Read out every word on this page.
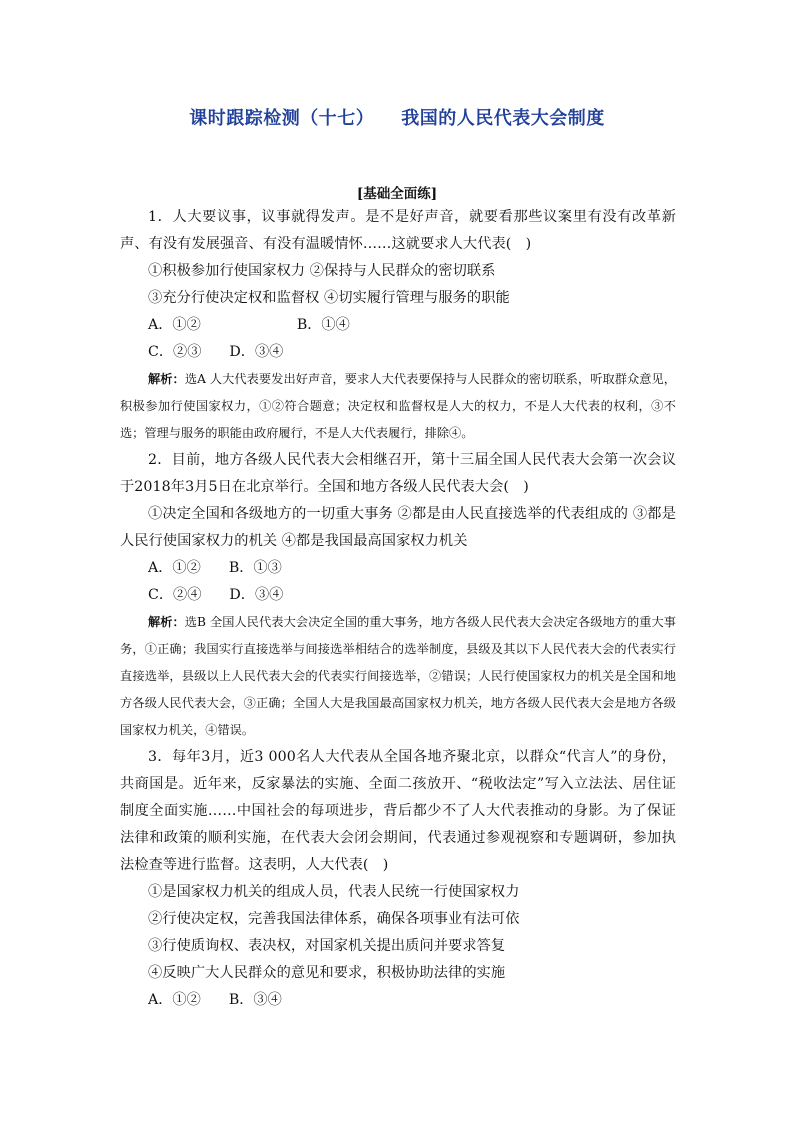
课时跟踪检测（十七）    我国的人民代表大会制度
[基础全面练]

1．人大要议事，议事就得发声。是不是好声音，就要看那些议案里有没有改革新声、有没有发展强音、有没有温暖情怀……这就要求人大代表(　)

①积极参加行使国家权力 ②保持与人民群众的密切联系

③充分行使决定权和监督权 ④切实履行管理与服务的职能

A．①②	B．①④

C．②③ D．③④

解析：选A 人大代表要发出好声音，要求人大代表要保持与人民群众的密切联系，听取群众意见，积极参加行使国家权力，①②符合题意；决定权和监督权是人大的权力，不是人大代表的权利，③不选；管理与服务的职能由政府履行，不是人大代表履行，排除④。

2．目前，地方各级人民代表大会相继召开，第十三届全国人民代表大会第一次会议于2018年3月5日在北京举行。全国和地方各级人民代表大会(　)

①决定全国和各级地方的一切重大事务 ②都是由人民直接选举的代表组成的 ③都是人民行使国家权力的机关 ④都是我国最高国家权力机关

A．①② B．①③

C．②④ D．③④

解析：选B 全国人民代表大会决定全国的重大事务，地方各级人民代表大会决定各级地方的重大事务，①正确；我国实行直接选举与间接选举相结合的选举制度，县级及其以下人民代表大会的代表实行直接选举，县级以上人民代表大会的代表实行间接选举，②错误；人民行使国家权力的机关是全国和地方各级人民代表大会，③正确；全国人大是我国最高国家权力机关，地方各级人民代表大会是地方各级国家权力机关，④错误。

3．每年3月，近3 000名人大代表从全国各地齐聚北京，以群众“代言人”的身份，共商国是。近年来，反家暴法的实施、全面二孩放开、“税收法定”写入立法法、居住证制度全面实施……中国社会的每项进步，背后都少不了人大代表推动的身影。为了保证法律和政策的顺利实施，在代表大会闭会期间，代表通过参观视察和专题调研，参加执法检查等进行监督。这表明，人大代表(　)

①是国家权力机关的组成人员，代表人民统一行使国家权力

②行使决定权，完善我国法律体系，确保各项事业有法可依

③行使质询权、表决权，对国家机关提出质问并要求答复

④反映广大人民群众的意见和要求，积极协助法律的实施

A．①② B．③④
